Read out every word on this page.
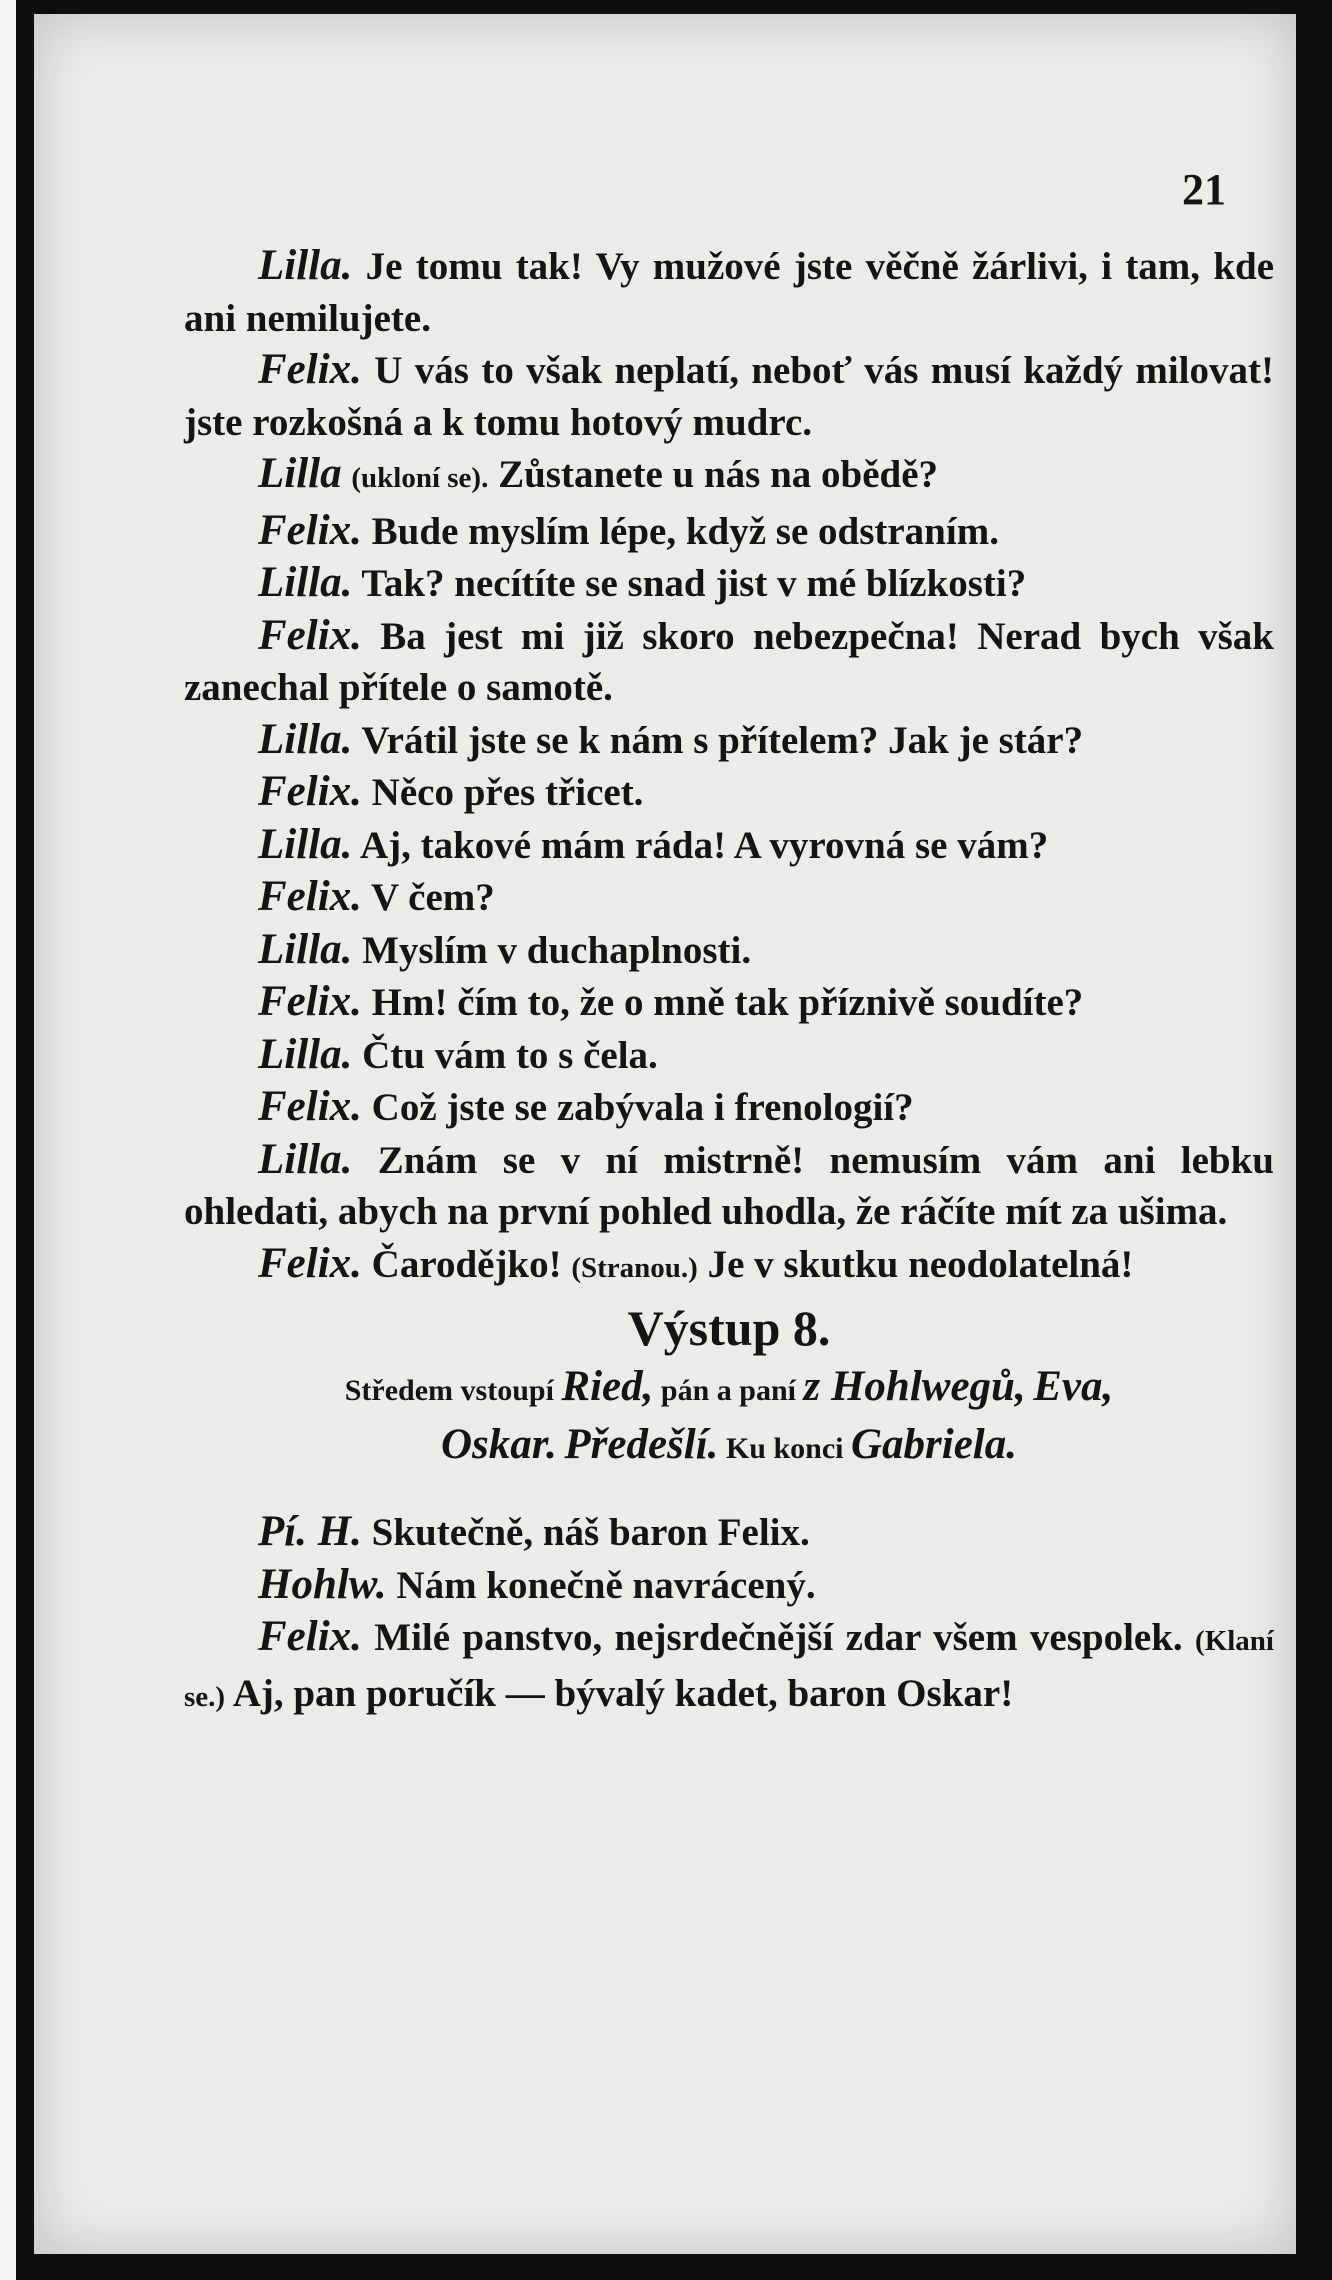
21

Lilla. Je tomu tak! Vy mužové jste věčně žárlivi, i tam, kde ani nemilujete.

Felix. U vás to však neplatí, neboť vás musí každý milovat! jste rozkošná a k tomu hotový mudrc.

Lilla (ukloní se). Zůstanete u nás na obědě?

Felix. Bude myslím lépe, když se odstraním.

Lilla. Tak? necítíte se snad jist v mé blízkosti?

Felix. Ba jest mi již skoro nebezpečna! Nerad bych však zanechal přítele o samotě.

Lilla. Vrátil jste se k nám s přítelem? Jak je stár?

Felix. Něco přes třicet.

Lilla. Aj, takové mám ráda! A vyrovná se vám?

Felix. V čem?

Lilla. Myslím v duchaplnosti.

Felix. Hm! čím to, že o mně tak příznivě soudíte?

Lilla. Čtu vám to s čela.

Felix. Což jste se zabývala i frenologií?

Lilla. Znám se v ní mistrně! nemusím vám ani lebku ohledati, abych na první pohled uhodla, že ráčíte mít za ušima.

Felix. Čarodějko! (Stranou.) Je v skutku neodolatelná!

Výstup 8.
Středem vstoupí Ried, pán a paní z Hohlwegů, Eva,
Oskar. Předešlí. Ku konci Gabriela.

Pí. H. Skutečně, náš baron Felix.

Hohlw. Nám konečně navrácený.

Felix. Milé panstvo, nejsrdečnější zdar všem vespolek. (Klaní se.) Aj, pan poručík — bývalý kadet, baron Oskar!
